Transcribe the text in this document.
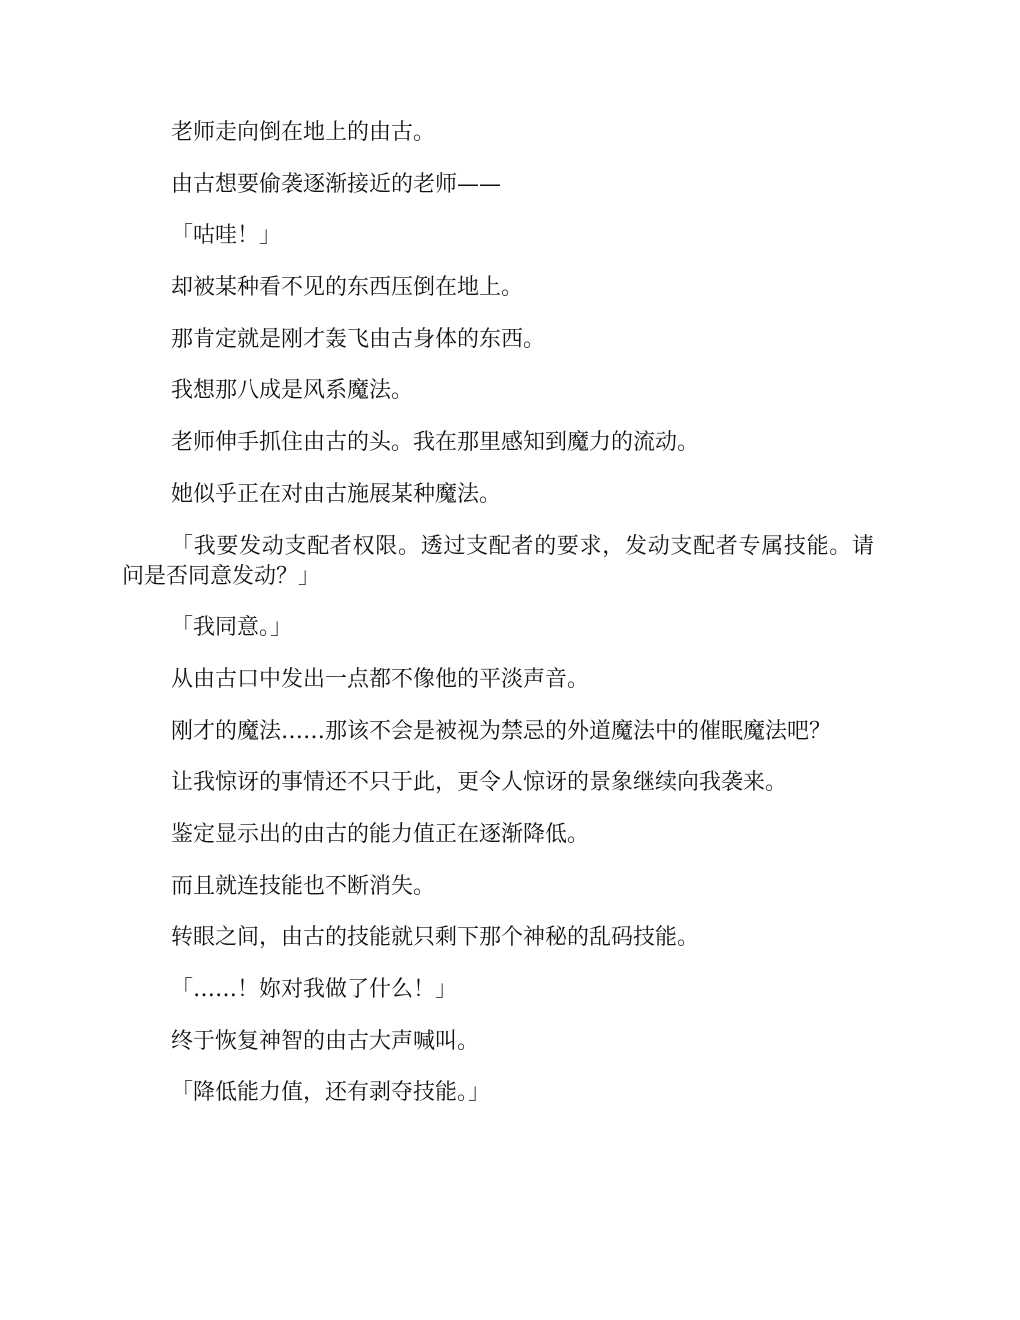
老师走向倒在地上的由古。

由古想要偷袭逐渐接近的老师——

「咕哇！」

却被某种看不见的东西压倒在地上。

那肯定就是刚才轰飞由古身体的东西。

我想那八成是风系魔法。

老师伸手抓住由古的头。我在那里感知到魔力的流动。

她似乎正在对由古施展某种魔法。

「我要发动支配者权限。透过支配者的要求，发动支配者专属技能。请问是否同意发动？」

「我同意。」

从由古口中发出一点都不像他的平淡声音。

刚才的魔法……那该不会是被视为禁忌的外道魔法中的催眠魔法吧？

让我惊讶的事情还不只于此，更令人惊讶的景象继续向我袭来。

鉴定显示出的由古的能力值正在逐渐降低。

而且就连技能也不断消失。

转眼之间，由古的技能就只剩下那个神秘的乱码技能。

「……！妳对我做了什么！」

终于恢复神智的由古大声喊叫。

「降低能力值，还有剥夺技能。」
